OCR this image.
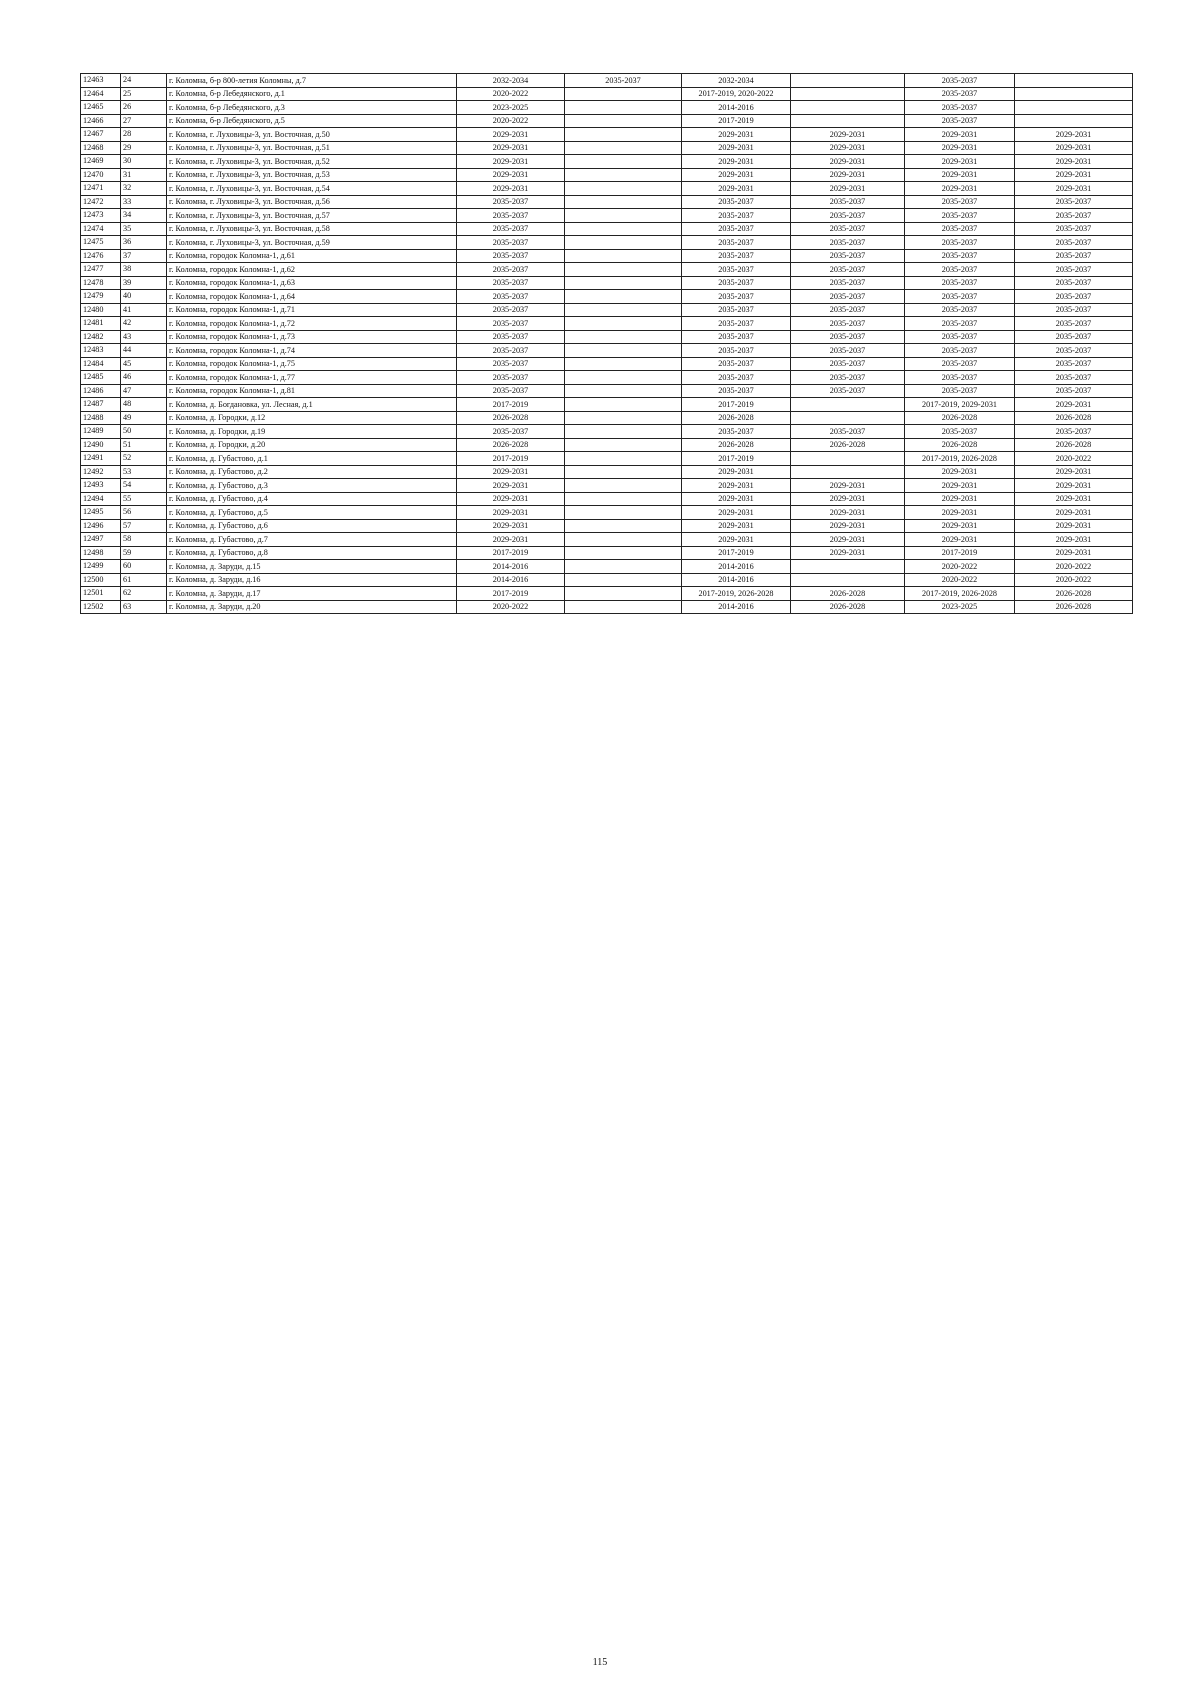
12463	24	г. Коломна, б-р 800-летия Коломны, д.7	2032-2034	2035-2037	2032-2034		2035-2037	
12464	25	г. Коломна, б-р Лебедянского, д.1	2020-2022		2017-2019, 2020-2022		2035-2037	
12465	26	г. Коломна, б-р Лебедянского, д.3	2023-2025		2014-2016		2035-2037	
12466	27	г. Коломна, б-р Лебедянского, д.5	2020-2022		2017-2019		2035-2037	
12467	28	г. Коломна, г. Луховицы-3, ул. Восточная, д.50	2029-2031		2029-2031	2029-2031	2029-2031	2029-2031
12468	29	г. Коломна, г. Луховицы-3, ул. Восточная, д.51	2029-2031		2029-2031	2029-2031	2029-2031	2029-2031
12469	30	г. Коломна, г. Луховицы-3, ул. Восточная, д.52	2029-2031		2029-2031	2029-2031	2029-2031	2029-2031
12470	31	г. Коломна, г. Луховицы-3, ул. Восточная, д.53	2029-2031		2029-2031	2029-2031	2029-2031	2029-2031
12471	32	г. Коломна, г. Луховицы-3, ул. Восточная, д.54	2029-2031		2029-2031	2029-2031	2029-2031	2029-2031
12472	33	г. Коломна, г. Луховицы-3, ул. Восточная, д.56	2035-2037		2035-2037	2035-2037	2035-2037	2035-2037
12473	34	г. Коломна, г. Луховицы-3, ул. Восточная, д.57	2035-2037		2035-2037	2035-2037	2035-2037	2035-2037
12474	35	г. Коломна, г. Луховицы-3, ул. Восточная, д.58	2035-2037		2035-2037	2035-2037	2035-2037	2035-2037
12475	36	г. Коломна, г. Луховицы-3, ул. Восточная, д.59	2035-2037		2035-2037	2035-2037	2035-2037	2035-2037
12476	37	г. Коломна, городок Коломна-1, д.61	2035-2037		2035-2037	2035-2037	2035-2037	2035-2037
12477	38	г. Коломна, городок Коломна-1, д.62	2035-2037		2035-2037	2035-2037	2035-2037	2035-2037
12478	39	г. Коломна, городок Коломна-1, д.63	2035-2037		2035-2037	2035-2037	2035-2037	2035-2037
12479	40	г. Коломна, городок Коломна-1, д.64	2035-2037		2035-2037	2035-2037	2035-2037	2035-2037
12480	41	г. Коломна, городок Коломна-1, д.71	2035-2037		2035-2037	2035-2037	2035-2037	2035-2037
12481	42	г. Коломна, городок Коломна-1, д.72	2035-2037		2035-2037	2035-2037	2035-2037	2035-2037
12482	43	г. Коломна, городок Коломна-1, д.73	2035-2037		2035-2037	2035-2037	2035-2037	2035-2037
12483	44	г. Коломна, городок Коломна-1, д.74	2035-2037		2035-2037	2035-2037	2035-2037	2035-2037
12484	45	г. Коломна, городок Коломна-1, д.75	2035-2037		2035-2037	2035-2037	2035-2037	2035-2037
12485	46	г. Коломна, городок Коломна-1, д.77	2035-2037		2035-2037	2035-2037	2035-2037	2035-2037
12486	47	г. Коломна, городок Коломна-1, д.81	2035-2037		2035-2037	2035-2037	2035-2037	2035-2037
12487	48	г. Коломна, д. Богдановка, ул. Лесная, д.1	2017-2019		2017-2019		2017-2019, 2029-2031	2029-2031
12488	49	г. Коломна, д. Городки, д.12	2026-2028		2026-2028		2026-2028	2026-2028
12489	50	г. Коломна, д. Городки, д.19	2035-2037		2035-2037	2035-2037	2035-2037	2035-2037
12490	51	г. Коломна, д. Городки, д.20	2026-2028		2026-2028	2026-2028	2026-2028	2026-2028
12491	52	г. Коломна, д. Губастово, д.1	2017-2019		2017-2019		2017-2019, 2026-2028	2020-2022
12492	53	г. Коломна, д. Губастово, д.2	2029-2031		2029-2031		2029-2031	2029-2031
12493	54	г. Коломна, д. Губастово, д.3	2029-2031		2029-2031	2029-2031	2029-2031	2029-2031
12494	55	г. Коломна, д. Губастово, д.4	2029-2031		2029-2031	2029-2031	2029-2031	2029-2031
12495	56	г. Коломна, д. Губастово, д.5	2029-2031		2029-2031	2029-2031	2029-2031	2029-2031
12496	57	г. Коломна, д. Губастово, д.6	2029-2031		2029-2031	2029-2031	2029-2031	2029-2031
12497	58	г. Коломна, д. Губастово, д.7	2029-2031		2029-2031	2029-2031	2029-2031	2029-2031
12498	59	г. Коломна, д. Губастово, д.8	2017-2019		2017-2019	2029-2031	2017-2019	2029-2031
12499	60	г. Коломна, д. Заруди, д.15	2014-2016		2014-2016		2020-2022	2020-2022
12500	61	г. Коломна, д. Заруди, д.16	2014-2016		2014-2016		2020-2022	2020-2022
12501	62	г. Коломна, д. Заруди, д.17	2017-2019		2017-2019, 2026-2028	2026-2028	2017-2019, 2026-2028	2026-2028
12502	63	г. Коломна, д. Заруди, д.20	2020-2022		2014-2016	2026-2028	2023-2025	2026-2028
115
